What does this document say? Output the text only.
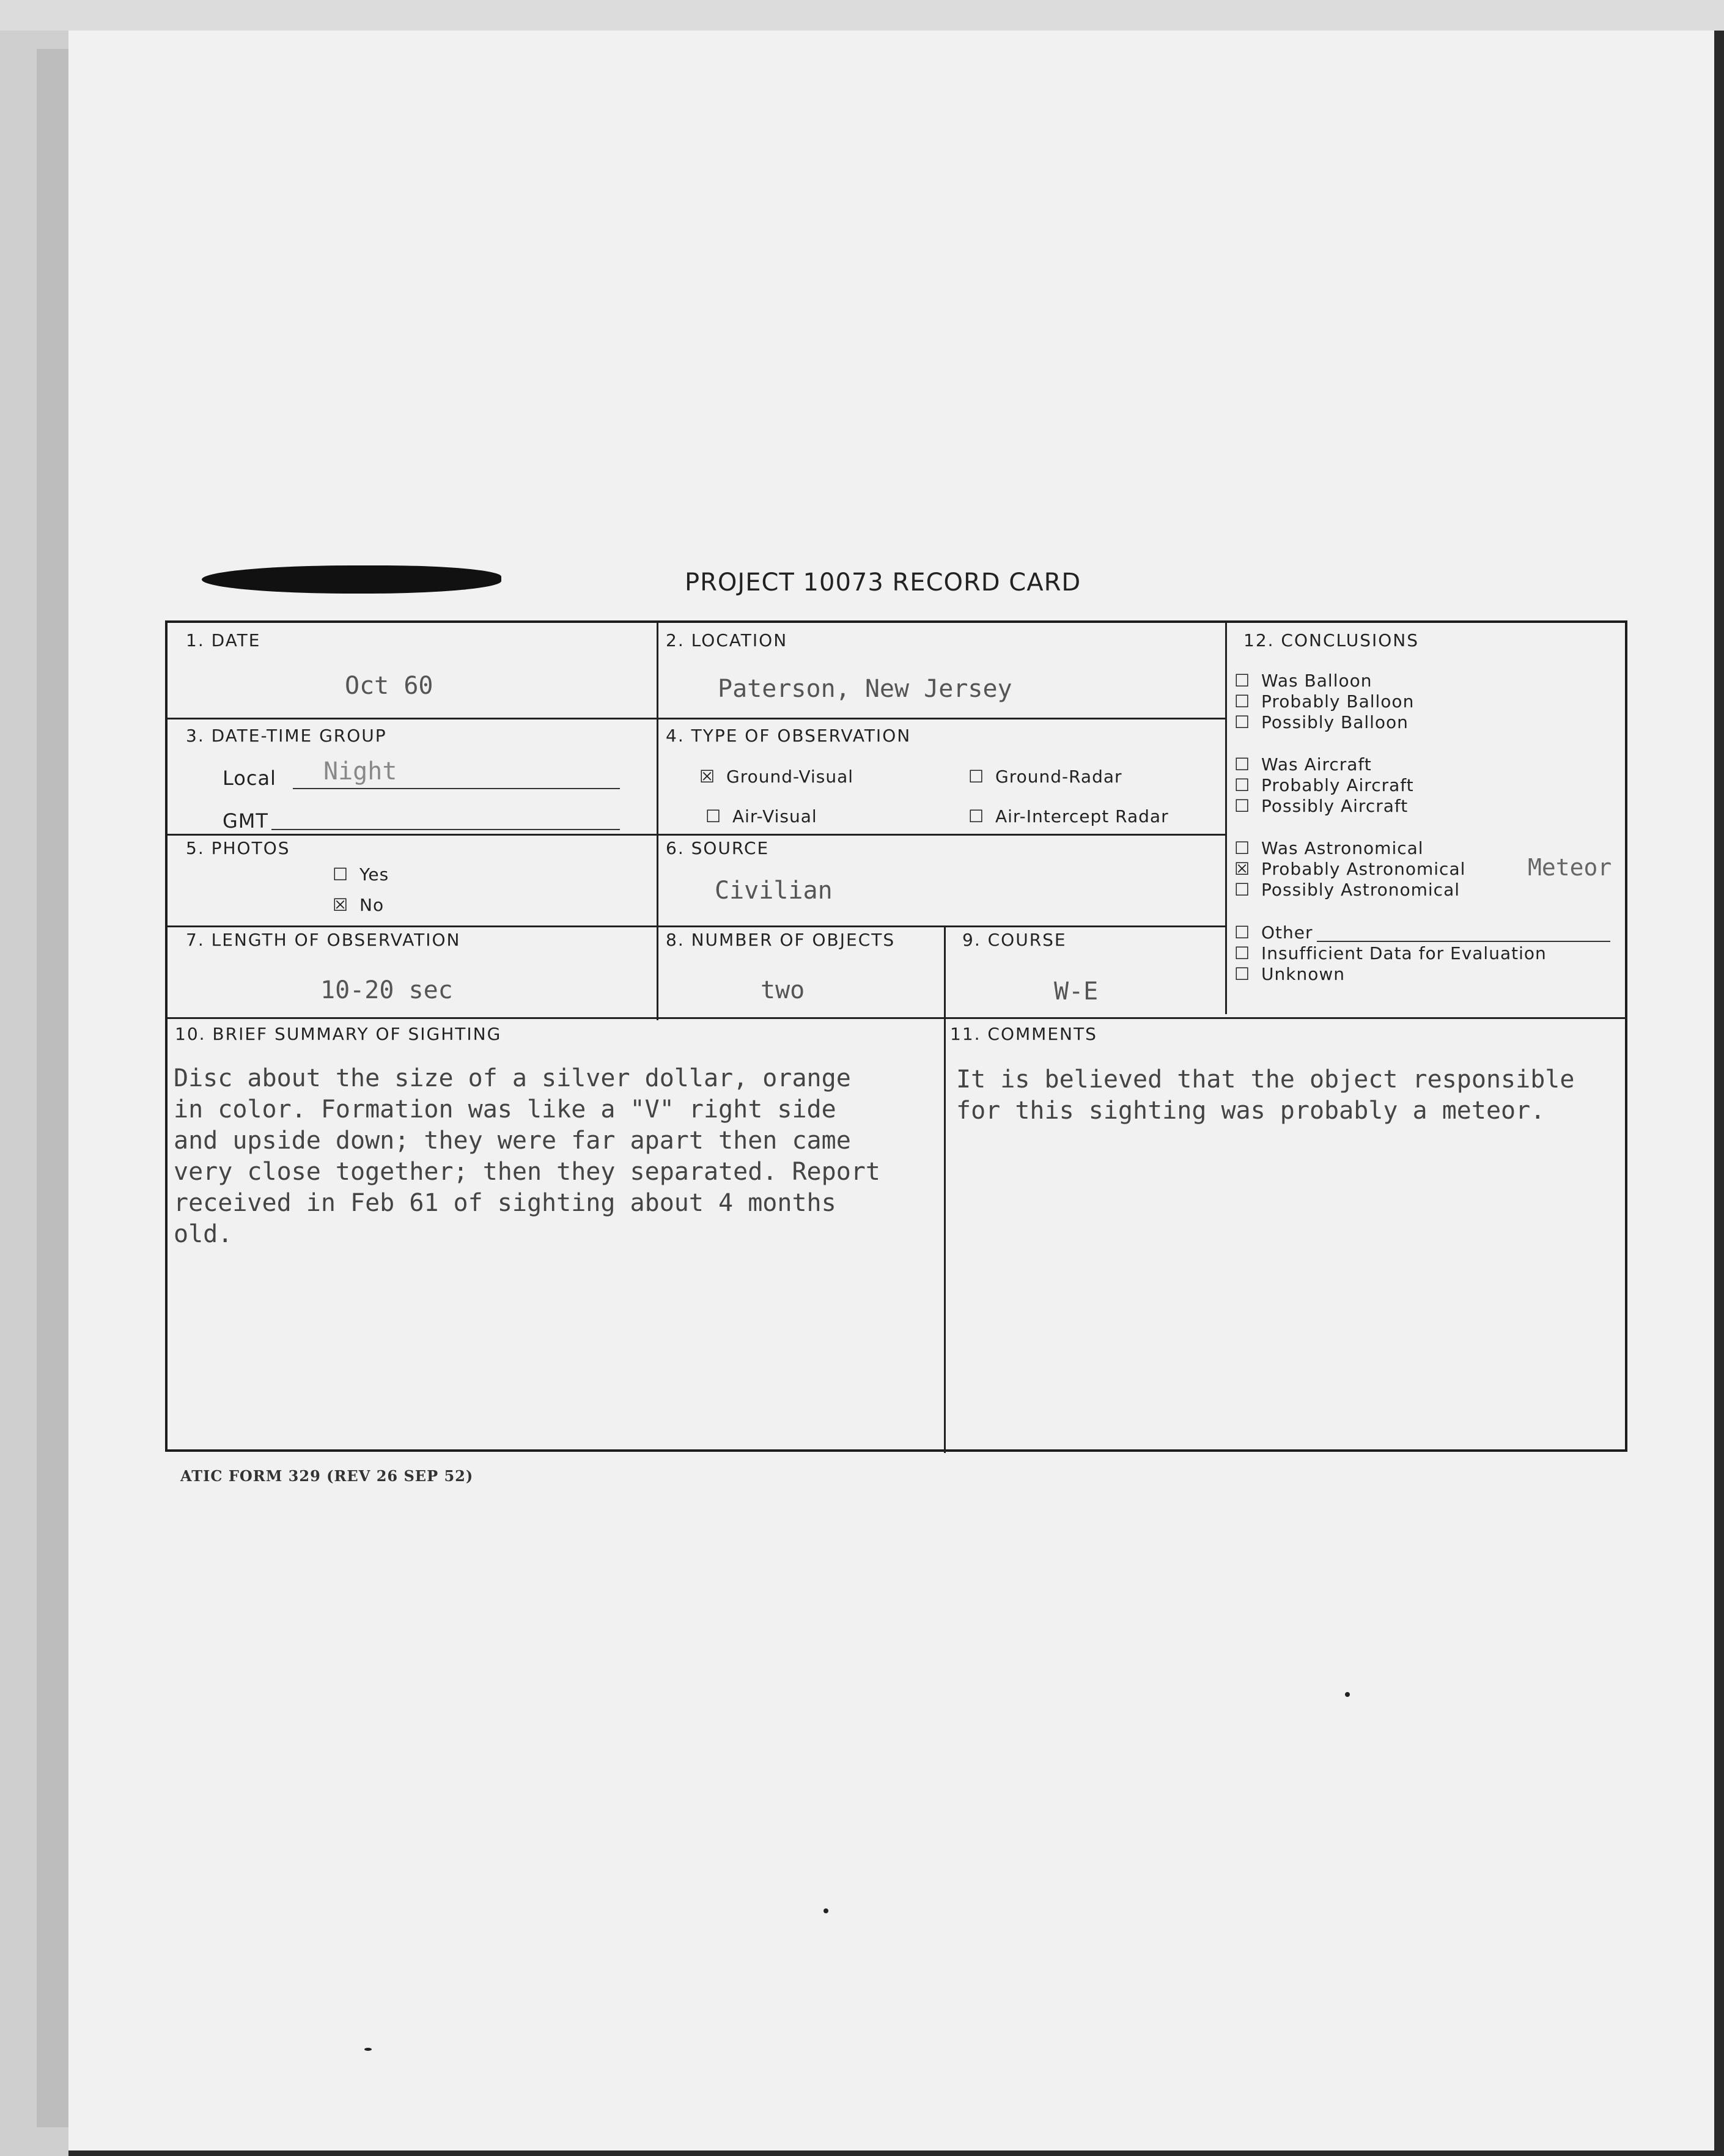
PROJECT 10073 RECORD CARD
1. DATE
Oct 60
2. LOCATION
Paterson, New Jersey
3. DATE-TIME GROUP
Local Night
GMT
4. TYPE OF OBSERVATION
☒ Ground-Visual	☐ Ground-Radar
☐ Air-Visual	☐ Air-Intercept Radar
5. PHOTOS
☐ Yes
☒ No
6. SOURCE
Civilian
7. LENGTH OF OBSERVATION
10-20 sec
8. NUMBER OF OBJECTS
two
9. COURSE
W-E
10. BRIEF SUMMARY OF SIGHTING
Disc about the size of a silver dollar, orange
in color. Formation was like a "V" right side
and upside down; they were far apart then came
very close together; then they separated. Report
received in Feb 61 of sighting about 4 months
old.
11. COMMENTS
It is believed that the object responsible
for this sighting was probably a meteor.
12. CONCLUSIONS
☐ Was Balloon
☐ Probably Balloon
☐ Possibly Balloon
☐ Was Aircraft
☐ Probably Aircraft
☐ Possibly Aircraft
☐ Was Astronomical
☒ Probably Astronomical	Meteor
☐ Possibly Astronomical
☐ Other
☐ Insufficient Data for Evaluation
☐ Unknown
ATIC FORM 329 (REV 26 SEP 52)
